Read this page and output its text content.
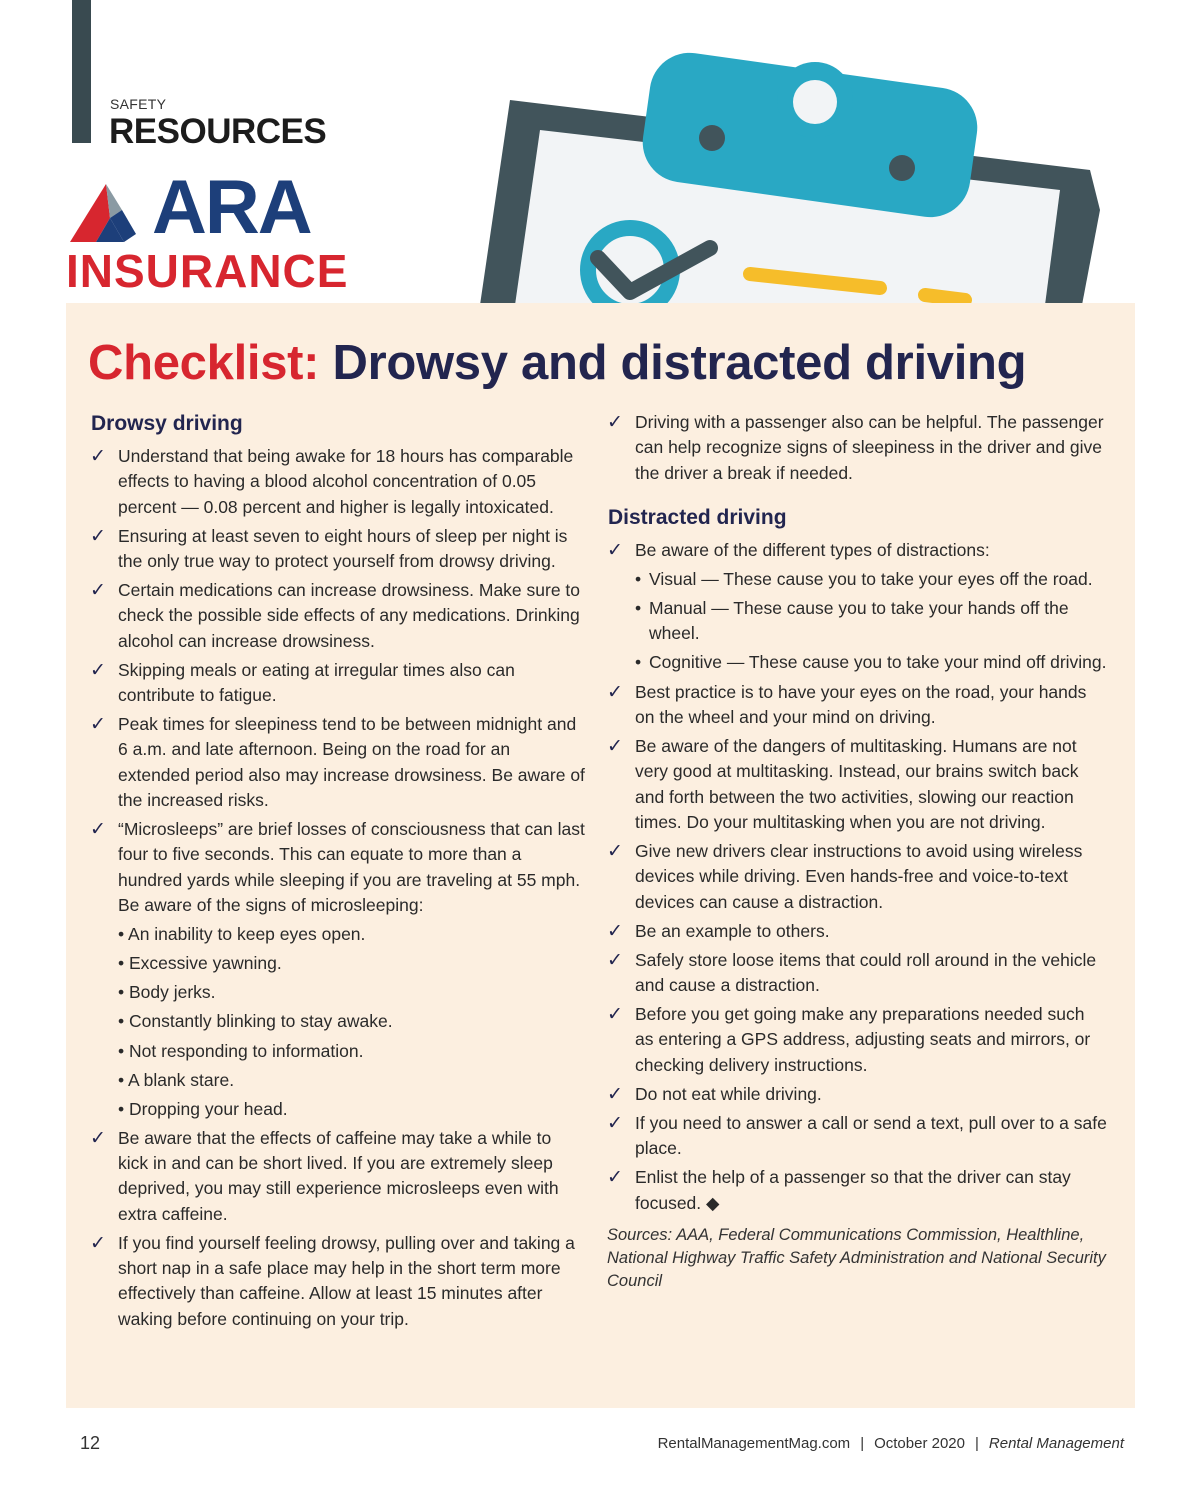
SAFETY
RESOURCES
ARA
INSURANCE
Checklist: Drowsy and distracted driving
Drowsy driving
✓ Understand that being awake for 18 hours has comparable effects to having a blood alcohol concentration of 0.05 percent — 0.08 percent and higher is legally intoxicated.
✓ Ensuring at least seven to eight hours of sleep per night is the only true way to protect yourself from drowsy driving.
✓ Certain medications can increase drowsiness. Make sure to check the possible side effects of any medications. Drinking alcohol can increase drowsiness.
✓ Skipping meals or eating at irregular times also can contribute to fatigue.
✓ Peak times for sleepiness tend to be between midnight and 6 a.m. and late afternoon. Being on the road for an extended period also may increase drowsiness. Be aware of the increased risks.
✓ “Microsleeps” are brief losses of consciousness that can last four to five seconds. This can equate to more than a hundred yards while sleeping if you are traveling at 55 mph. Be aware of the signs of microsleeping:
• An inability to keep eyes open.
• Excessive yawning.
• Body jerks.
• Constantly blinking to stay awake.
• Not responding to information.
• A blank stare.
• Dropping your head.
✓ Be aware that the effects of caffeine may take a while to kick in and can be short lived. If you are extremely sleep deprived, you may still experience microsleeps even with extra caffeine.
✓ If you find yourself feeling drowsy, pulling over and taking a short nap in a safe place may help in the short term more effectively than caffeine. Allow at least 15 minutes after waking before continuing on your trip.
✓ Driving with a passenger also can be helpful. The passenger can help recognize signs of sleepiness in the driver and give the driver a break if needed.
Distracted driving
✓ Be aware of the different types of distractions:
• Visual — These cause you to take your eyes off the road.
• Manual — These cause you to take your hands off the wheel.
• Cognitive — These cause you to take your mind off driving.
✓ Best practice is to have your eyes on the road, your hands on the wheel and your mind on driving.
✓ Be aware of the dangers of multitasking. Humans are not very good at multitasking. Instead, our brains switch back and forth between the two activities, slowing our reaction times. Do your multitasking when you are not driving.
✓ Give new drivers clear instructions to avoid using wireless devices while driving. Even hands-free and voice-to-text devices can cause a distraction.
✓ Be an example to others.
✓ Safely store loose items that could roll around in the vehicle and cause a distraction.
✓ Before you get going make any preparations needed such as entering a GPS address, adjusting seats and mirrors, or checking delivery instructions.
✓ Do not eat while driving.
✓ If you need to answer a call or send a text, pull over to a safe place.
✓ Enlist the help of a passenger so that the driver can stay focused. ◆
Sources: AAA, Federal Communications Commission, Healthline, National Highway Traffic Safety Administration and National Security Council
12	RentalManagementMag.com | October 2020 | Rental Management
